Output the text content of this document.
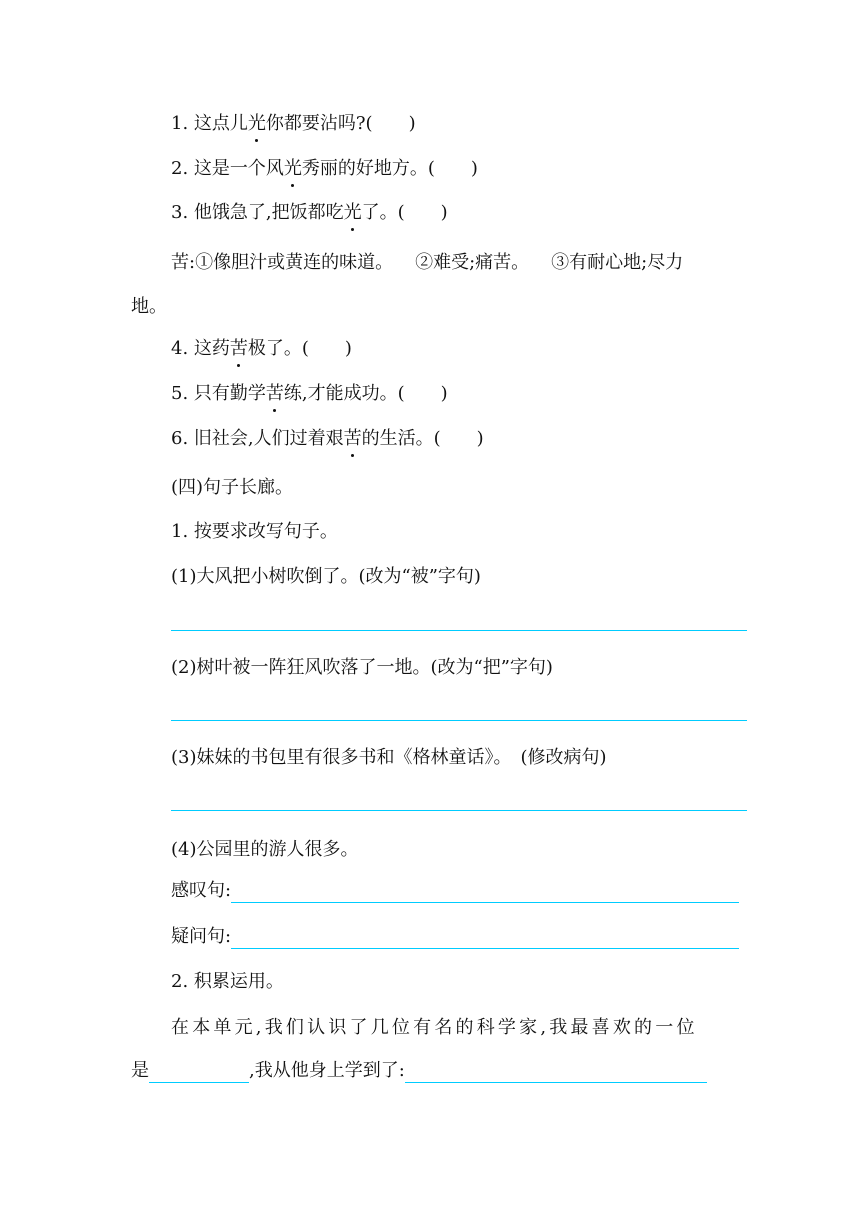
1. 这点儿光你都要沾吗?(　　)
2. 这是一个风光秀丽的好地方。(　　)
3. 他饿急了,把饭都吃光了。(　　)
苦:①像胆汁或黄连的味道。 ②难受;痛苦。 ③有耐心地;尽力
地。
4. 这药苦极了。(　　)
5. 只有勤学苦练,才能成功。(　　)
6. 旧社会,人们过着艰苦的生活。(　　)
(四)句子长廊。
1. 按要求改写句子。
(1)大风把小树吹倒了。(改为“被”字句)
(2)树叶被一阵狂风吹落了一地。(改为“把”字句)
(3)妹妹的书包里有很多书和《格林童话》。　(修改病句)
(4)公园里的游人很多。
感叹句:
疑问句:
2. 积累运用。
在本单元,我们认识了几位有名的科学家,我最喜欢的一位
是	,我从他身上学到了:
